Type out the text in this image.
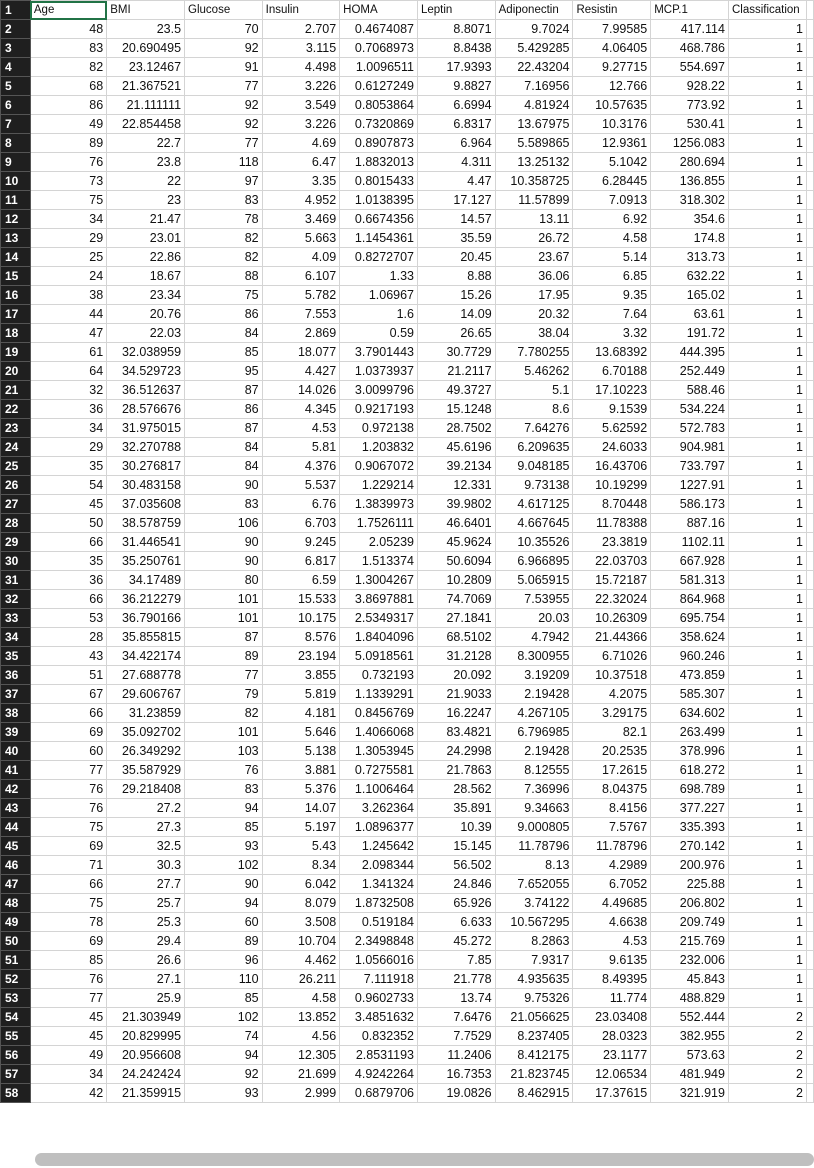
1	Age	BMI	Glucose	Insulin	HOMA	Leptin	Adiponectin	Resistin	MCP.1	Classification	
2	48	23.5	70	2.707	0.4674087	8.8071	9.7024	7.99585	417.114	1	
3	83	20.690495	92	3.115	0.7068973	8.8438	5.429285	4.06405	468.786	1	
4	82	23.12467	91	4.498	1.0096511	17.9393	22.43204	9.27715	554.697	1	
5	68	21.367521	77	3.226	0.6127249	9.8827	7.16956	12.766	928.22	1	
6	86	21.111111	92	3.549	0.8053864	6.6994	4.81924	10.57635	773.92	1	
7	49	22.854458	92	3.226	0.7320869	6.8317	13.67975	10.3176	530.41	1	
8	89	22.7	77	4.69	0.8907873	6.964	5.589865	12.9361	1256.083	1	
9	76	23.8	118	6.47	1.8832013	4.311	13.25132	5.1042	280.694	1	
10	73	22	97	3.35	0.8015433	4.47	10.358725	6.28445	136.855	1	
11	75	23	83	4.952	1.0138395	17.127	11.57899	7.0913	318.302	1	
12	34	21.47	78	3.469	0.6674356	14.57	13.11	6.92	354.6	1	
13	29	23.01	82	5.663	1.1454361	35.59	26.72	4.58	174.8	1	
14	25	22.86	82	4.09	0.8272707	20.45	23.67	5.14	313.73	1	
15	24	18.67	88	6.107	1.33	8.88	36.06	6.85	632.22	1	
16	38	23.34	75	5.782	1.06967	15.26	17.95	9.35	165.02	1	
17	44	20.76	86	7.553	1.6	14.09	20.32	7.64	63.61	1	
18	47	22.03	84	2.869	0.59	26.65	38.04	3.32	191.72	1	
19	61	32.038959	85	18.077	3.7901443	30.7729	7.780255	13.68392	444.395	1	
20	64	34.529723	95	4.427	1.0373937	21.2117	5.46262	6.70188	252.449	1	
21	32	36.512637	87	14.026	3.0099796	49.3727	5.1	17.10223	588.46	1	
22	36	28.576676	86	4.345	0.9217193	15.1248	8.6	9.1539	534.224	1	
23	34	31.975015	87	4.53	0.972138	28.7502	7.64276	5.62592	572.783	1	
24	29	32.270788	84	5.81	1.203832	45.6196	6.209635	24.6033	904.981	1	
25	35	30.276817	84	4.376	0.9067072	39.2134	9.048185	16.43706	733.797	1	
26	54	30.483158	90	5.537	1.229214	12.331	9.73138	10.19299	1227.91	1	
27	45	37.035608	83	6.76	1.3839973	39.9802	4.617125	8.70448	586.173	1	
28	50	38.578759	106	6.703	1.7526111	46.6401	4.667645	11.78388	887.16	1	
29	66	31.446541	90	9.245	2.05239	45.9624	10.35526	23.3819	1102.11	1	
30	35	35.250761	90	6.817	1.513374	50.6094	6.966895	22.03703	667.928	1	
31	36	34.17489	80	6.59	1.3004267	10.2809	5.065915	15.72187	581.313	1	
32	66	36.212279	101	15.533	3.8697881	74.7069	7.53955	22.32024	864.968	1	
33	53	36.790166	101	10.175	2.5349317	27.1841	20.03	10.26309	695.754	1	
34	28	35.855815	87	8.576	1.8404096	68.5102	4.7942	21.44366	358.624	1	
35	43	34.422174	89	23.194	5.0918561	31.2128	8.300955	6.71026	960.246	1	
36	51	27.688778	77	3.855	0.732193	20.092	3.19209	10.37518	473.859	1	
37	67	29.606767	79	5.819	1.1339291	21.9033	2.19428	4.2075	585.307	1	
38	66	31.23859	82	4.181	0.8456769	16.2247	4.267105	3.29175	634.602	1	
39	69	35.092702	101	5.646	1.4066068	83.4821	6.796985	82.1	263.499	1	
40	60	26.349292	103	5.138	1.3053945	24.2998	2.19428	20.2535	378.996	1	
41	77	35.587929	76	3.881	0.7275581	21.7863	8.12555	17.2615	618.272	1	
42	76	29.218408	83	5.376	1.1006464	28.562	7.36996	8.04375	698.789	1	
43	76	27.2	94	14.07	3.262364	35.891	9.34663	8.4156	377.227	1	
44	75	27.3	85	5.197	1.0896377	10.39	9.000805	7.5767	335.393	1	
45	69	32.5	93	5.43	1.245642	15.145	11.78796	11.78796	270.142	1	
46	71	30.3	102	8.34	2.098344	56.502	8.13	4.2989	200.976	1	
47	66	27.7	90	6.042	1.341324	24.846	7.652055	6.7052	225.88	1	
48	75	25.7	94	8.079	1.8732508	65.926	3.74122	4.49685	206.802	1	
49	78	25.3	60	3.508	0.519184	6.633	10.567295	4.6638	209.749	1	
50	69	29.4	89	10.704	2.3498848	45.272	8.2863	4.53	215.769	1	
51	85	26.6	96	4.462	1.0566016	7.85	7.9317	9.6135	232.006	1	
52	76	27.1	110	26.211	7.111918	21.778	4.935635	8.49395	45.843	1	
53	77	25.9	85	4.58	0.9602733	13.74	9.75326	11.774	488.829	1	
54	45	21.303949	102	13.852	3.4851632	7.6476	21.056625	23.03408	552.444	2	
55	45	20.829995	74	4.56	0.832352	7.7529	8.237405	28.0323	382.955	2	
56	49	20.956608	94	12.305	2.8531193	11.2406	8.412175	23.1177	573.63	2	
57	34	24.242424	92	21.699	4.9242264	16.7353	21.823745	12.06534	481.949	2	
58	42	21.359915	93	2.999	0.6879706	19.0826	8.462915	17.37615	321.919	2	
